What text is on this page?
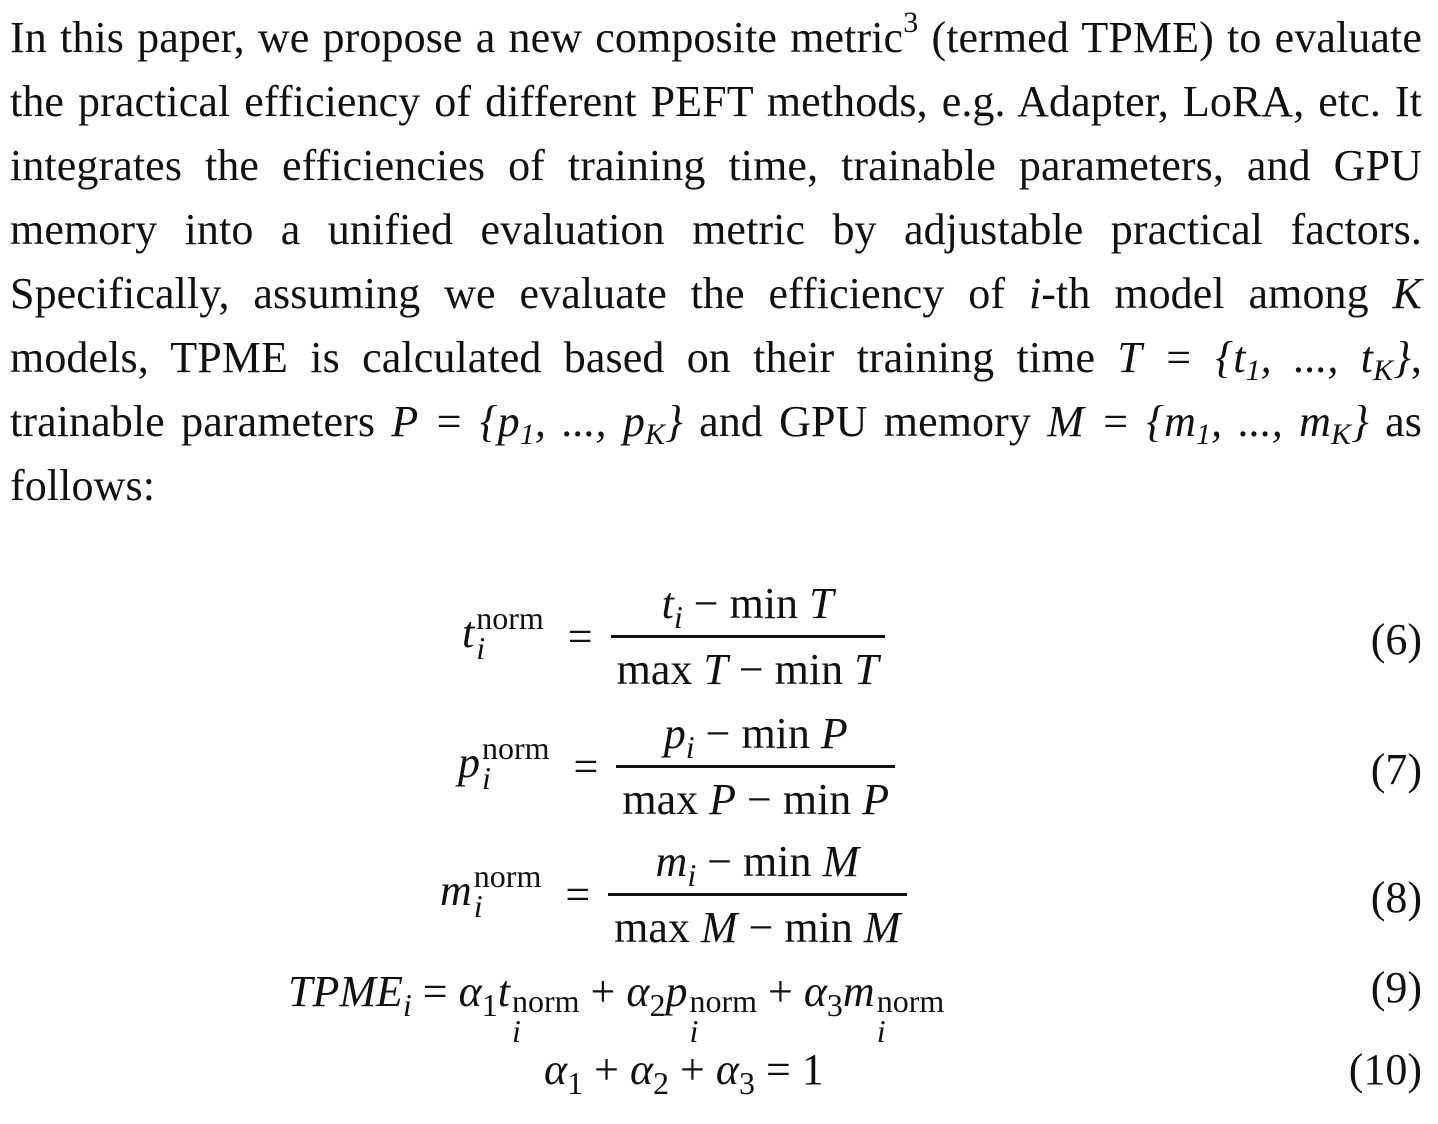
In this paper, we propose a new composite metric$^3$ (termed TPME) to evaluate the practical efficiency of different PEFT methods, e.g. Adapter, LoRA, etc. It integrates the efficiencies of training time, trainable parameters, and GPU memory into a unified evaluation metric by adjustable practical factors. Specifically, assuming we evaluate the efficiency of i-th model among K models, TPME is calculated based on their training time $T = \{t_1$, ..., $t_K$}, trainable parameters $P = \{p_1$, ..., $p_K$} and GPU memory $M = \{m_1$, ..., $m_K$} as follows:
t norm
i	= $\frac{t_i - \min T}{\text{max T − min T}}$	(6)
p norm
i	= $\frac{p_i - \min P}{\text{max P − min P}}$	(7)
m norm
i	= $\frac{m_i - \min M}{\text{max M − min M}}$	(8)
TPME i = α 1 t norm
i
+ α 2 p norm
i
+ α 3 m norm
i
(9)
α 1 + α 2 + α 3 = 1	(10)
